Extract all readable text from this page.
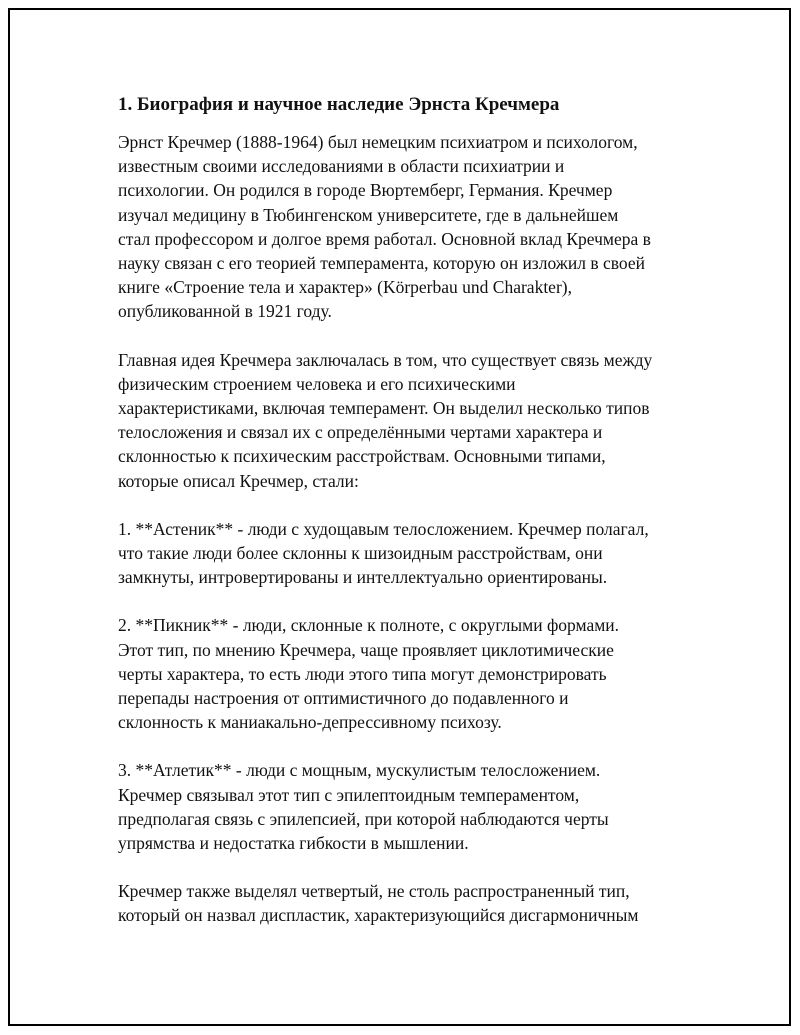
1. Биография и научное наследие Эрнста Кречмера

Эрнст Кречмер (1888-1964) был немецким психиатром и психологом,
известным своими исследованиями в области психиатрии и
психологии. Он родился в городе Вюртемберг, Германия. Кречмер
изучал медицину в Тюбингенском университете, где в дальнейшем
стал профессором и долгое время работал. Основной вклад Кречмера в
науку связан с его теорией темперамента, которую он изложил в своей
книге «Строение тела и характер» (Körperbau und Charakter),
опубликованной в 1921 году.

Главная идея Кречмера заключалась в том, что существует связь между
физическим строением человека и его психическими
характеристиками, включая темперамент. Он выделил несколько типов
телосложения и связал их с определёнными чертами характера и
склонностью к психическим расстройствам. Основными типами,
которые описал Кречмер, стали:

1. **Астеник** - люди с худощавым телосложением. Кречмер полагал,
что такие люди более склонны к шизоидным расстройствам, они
замкнуты, интровертированы и интеллектуально ориентированы.

2. **Пикник** - люди, склонные к полноте, с округлыми формами.
Этот тип, по мнению Кречмера, чаще проявляет циклотимические
черты характера, то есть люди этого типа могут демонстрировать
перепады настроения от оптимистичного до подавленного и
склонность к маниакально-депрессивному психозу.

3. **Атлетик** - люди с мощным, мускулистым телосложением.
Кречмер связывал этот тип с эпилептоидным темпераментом,
предполагая связь с эпилепсией, при которой наблюдаются черты
упрямства и недостатка гибкости в мышлении.

Кречмер также выделял четвертый, не столь распространенный тип,
который он назвал диспластик, характеризующийся дисгармоничным
